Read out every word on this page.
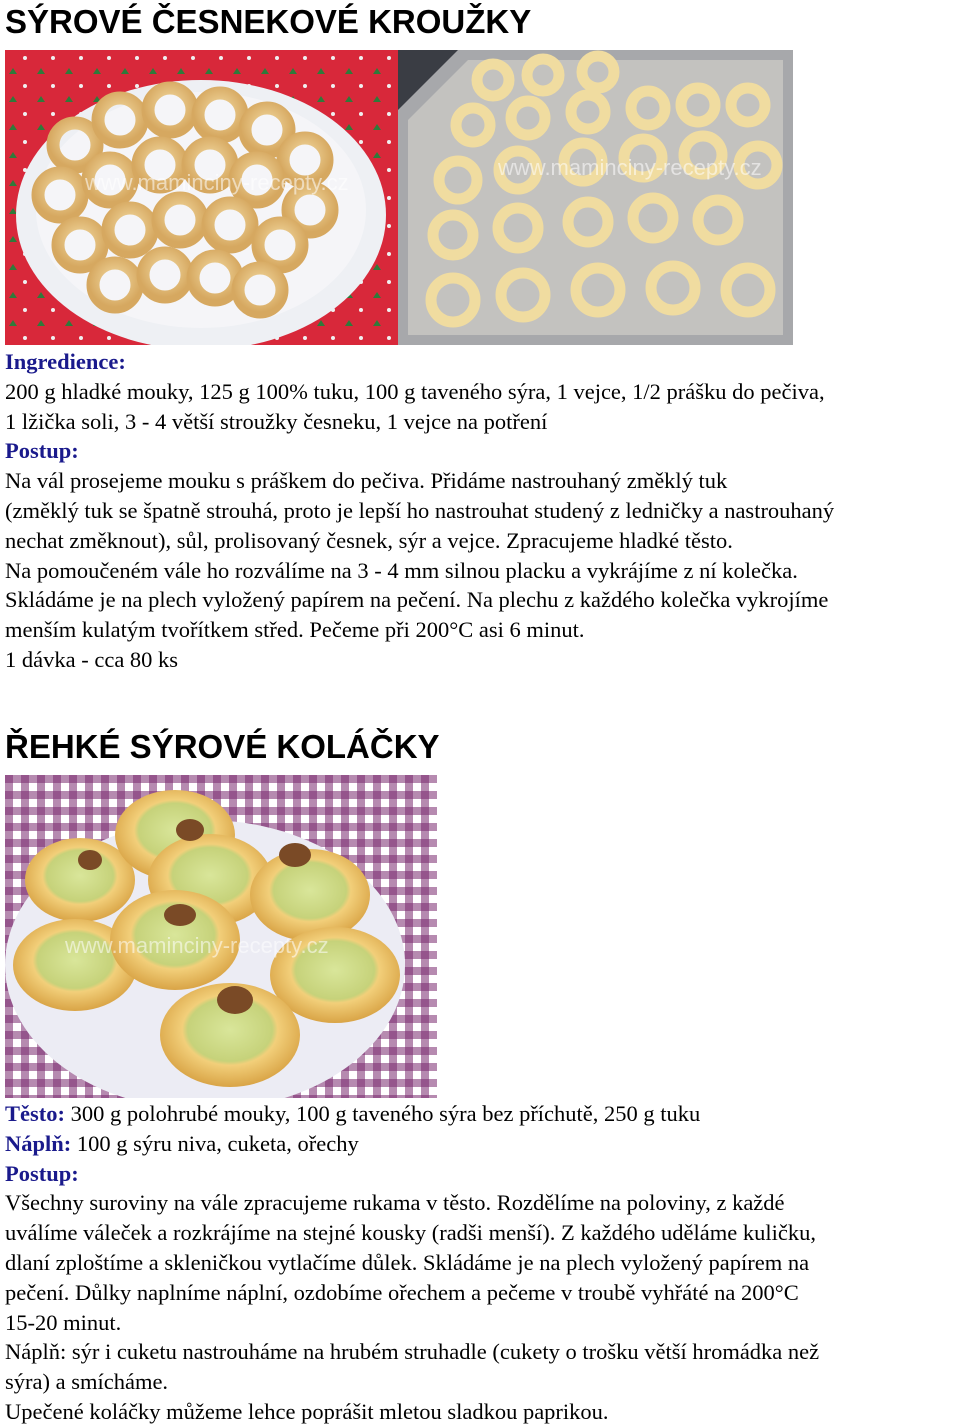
SÝROVÉ ČESNEKOVÉ KROUŽKY
www.maminciny-recepty.cz
www.maminciny-recepty.cz

Ingredience:

200 g hladké mouky, 125 g 100% tuku, 100 g taveného sýra, 1 vejce, 1/2 prášku do pečiva,

1 lžička soli, 3 - 4 větší stroužky česneku, 1 vejce na potření

Postup:

Na vál prosejeme mouku s práškem do pečiva. Přidáme nastrouhaný změklý tuk

(změklý tuk se špatně strouhá, proto je lepší ho nastrouhat studený z ledničky a nastrouhaný

nechat změknout), sůl, prolisovaný česnek, sýr a vejce. Zpracujeme hladké těsto.

Na pomoučeném vále ho rozválíme na 3 - 4 mm silnou placku a vykrájíme z ní kolečka.

Skládáme je na plech vyložený papírem na pečení. Na plechu z každého kolečka vykrojíme

menším kulatým tvořítkem střed. Pečeme při 200°C asi 6 minut.

1 dávka - cca 80 ks

ŘEHKÉ SÝROVÉ KOLÁČKY
www.maminciny-recepty.cz

Těsto: 300 g polohrubé mouky, 100 g taveného sýra bez příchutě, 250 g tuku

Náplň: 100 g sýru niva, cuketa, ořechy

Postup:

Všechny suroviny na vále zpracujeme rukama v těsto. Rozdělíme na poloviny, z každé

uválíme váleček a rozkrájíme na stejné kousky (radši menší). Z každého uděláme kuličku,

dlaní zploštíme a skleničkou vytlačíme důlek. Skládáme je na plech vyložený papírem na

pečení. Důlky naplníme náplní, ozdobíme ořechem a pečeme v troubě vyhřáté na 200°C

15-20 minut.

Náplň: sýr i cuketu nastrouháme na hrubém struhadle (cukety o trošku větší hromádka než

sýra) a smícháme.

Upečené koláčky můžeme lehce poprášit mletou sladkou paprikou.
